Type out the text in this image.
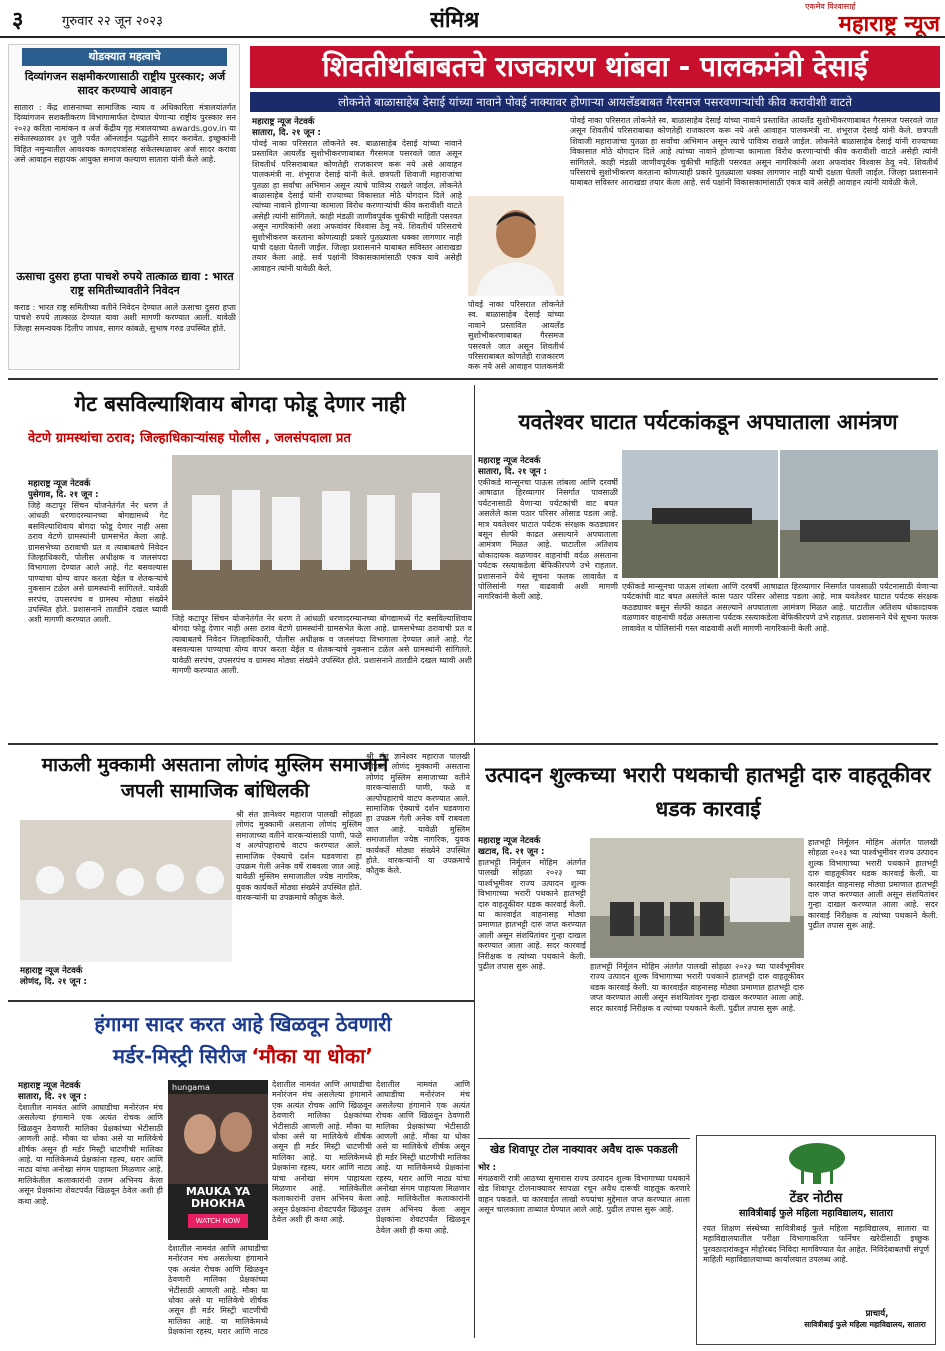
३	गुरुवार २२ जून २०२३	संमिश्र
एकमेव विश्वासार्ह
महाराष्ट्र न्यूज
थोडक्यात महत्वाचे
दिव्यांगजन सक्षमीकरणासाठी राष्ट्रीय पुरस्कार; अर्ज सादर करण्याचे आवाहन
सातारा : केंद्र शासनाच्या सामाजिक न्याय व अधिकारिता मंत्रालयांतर्गत दिव्यांगजन सशक्तीकरण विभागामार्फत देण्यात येणाऱ्या राष्ट्रीय पुरस्कार सन २०२३ करिता नामांकन व अर्ज केंद्रीय गृह मंत्रालयाच्या awards.gov.in या संकेतस्थळावर ३१ जुलै पर्यंत ऑनलाईन पद्धतीने सादर करावेत. इच्छुकांनी विहित नमुन्यातील आवश्यक कागदपत्रांसह संकेतस्थळावर अर्ज सादर करावा असे आवाहन सहायक आयुक्त समाज कल्याण सातारा यांनी केले आहे.
ऊसाचा दुसरा हप्ता पाचशे रुपये तात्काळ द्यावा : भारत राष्ट्र समितीच्यावतीने निवेदन
कराड : भारत राष्ट्र समितीच्या वतीने निवेदन देण्यात आले ऊसाचा दुसरा हप्ता पाचशे रुपये तात्काळ देण्यात यावा अशी मागणी करण्यात आली. यावेळी जिल्हा समन्वयक दिलीप जाधव, सागर कांबळे, सुभाष गरुड उपस्थित होते.
शिवतीर्थाबाबतचे राजकारण थांबवा - पालकमंत्री देसाई
लोकनेते बाळासाहेब देसाई यांच्या नावाने पोवई नाक्यावर होणाऱ्या आयलँडबाबत गैरसमज पसरवणाऱ्यांची कीव करावीशी वाटते
महाराष्ट्र न्यूज नेटवर्क
सातारा, दि. २१ जून :
पोवई नाका परिसरात लोकनेते स्व. बाळासाहेब देसाई यांच्या नावाने प्रस्तावित आयलँड सुशोभीकरणाबाबत गैरसमज पसरवले जात असून शिवतीर्थ परिसराबाबत कोणतेही राजकारण करू नये असे आवाहन पालकमंत्री ना. शंभूराज देसाई यांनी केले. छत्रपती शिवाजी महाराजांचा पुतळा हा सर्वांचा अभिमान असून त्याचे पावित्र्य राखले जाईल. लोकनेते बाळासाहेब देसाई यांनी राज्याच्या विकासात मोठे योगदान दिले आहे त्यांच्या नावाने होणाऱ्या कामाला विरोध करणाऱ्यांची कीव करावीशी वाटते असेही त्यांनी सांगितले. काही मंडळी जाणीवपूर्वक चुकीची माहिती पसरवत असून नागरिकांनी अशा अफवांवर विश्वास ठेवू नये. शिवतीर्थ परिसराचे सुशोभीकरण करताना कोणत्याही प्रकारे पुतळ्याला धक्का लागणार नाही याची दक्षता घेतली जाईल. जिल्हा प्रशासनाने याबाबत सविस्तर आराखडा तयार केला आहे. सर्व पक्षांनी विकासकामांसाठी एकत्र यावे असेही आवाहन त्यांनी यावेळी केले.
पोवई नाका परिसरात लोकनेते स्व. बाळासाहेब देसाई यांच्या नावाने प्रस्तावित आयलँड सुशोभीकरणाबाबत गैरसमज पसरवले जात असून शिवतीर्थ परिसराबाबत कोणतेही राजकारण करू नये असे आवाहन पालकमंत्री ना. शंभूराज देसाई यांनी केले. छत्रपती शिवाजी महाराजांचा पुतळा हा सर्वांचा अभिमान असून त्याचे पावित्र्य राखले जाईल. लोकनेते बाळासाहेब देसाई यांनी राज्याच्या विकासात मोठे योगदान दिले आहे त्यांच्या नावाने होणाऱ्या कामाला विरोध करणाऱ्यांची कीव करावीशी वाटते असेही त्यांनी सांगितले. काही मंडळी जाणीवपूर्वक चुकीची माहिती पसरवत असून नागरिकांनी अशा अफवांवर विश्वास ठेवू नये. शिवतीर्थ परिसराचे सुशोभीकरण करताना कोणत्याही प्रकारे पुतळ्याला धक्का लागणार नाही याची दक्षता घेतली जाईल. जिल्हा प्रशासनाने याबाबत सविस्तर आराखडा तयार केला आहे. सर्व पक्षांनी विकासकामांसाठी एकत्र यावे असेही आवाहन त्यांनी यावेळी केले.
पोवई नाका परिसरात लोकनेते स्व. बाळासाहेब देसाई यांच्या नावाने प्रस्तावित आयलँड सुशोभीकरणाबाबत गैरसमज पसरवले जात असून शिवतीर्थ परिसराबाबत कोणतेही राजकारण करू नये असे आवाहन पालकमंत्री
गेट बसविल्याशिवाय बोगदा फोडू देणार नाही
वेटणे ग्रामस्थांचा ठराव; जिल्हाधिकाऱ्यांसह पोलीस , जलसंपदाला प्रत
महाराष्ट्र न्यूज नेटवर्क
पुसेगाव, दि. २१ जून :
जिहे कटापूर सिंचन योजनेतंर्गत नेर धरण ते आंधळी धरणादरम्यानच्या बोगद्यामध्ये गेट बसविल्याशिवाय बोगदा फोडू देणार नाही असा ठराव वेटणे ग्रामस्थांनी ग्रामसभेत केला आहे. ग्रामसभेच्या ठरावाची प्रत व त्याबाबतचे निवेदन जिल्हाधिकारी, पोलीस अधीक्षक व जलसंपदा विभागाला देण्यात आले आहे. गेट बसवल्यास पाण्याचा योग्य वापर करता येईल व शेतकऱ्यांचे नुकसान टळेल असे ग्रामस्थांनी सांगितले. यावेळी सरपंच, उपसरपंच व ग्रामस्थ मोठ्या संख्येने उपस्थित होते. प्रशासनाने तातडीने दखल घ्यावी अशी मागणी करण्यात आली.	जिहे कटापूर सिंचन योजनेतंर्गत नेर धरण ते आंधळी धरणादरम्यानच्या बोगद्यामध्ये गेट बसविल्याशिवाय बोगदा फोडू देणार नाही असा ठराव वेटणे ग्रामस्थांनी ग्रामसभेत केला आहे. ग्रामसभेच्या ठरावाची प्रत व त्याबाबतचे निवेदन जिल्हाधिकारी, पोलीस अधीक्षक व जलसंपदा विभागाला देण्यात आले आहे. गेट बसवल्यास पाण्याचा योग्य वापर करता येईल व शेतकऱ्यांचे नुकसान टळेल असे ग्रामस्थांनी सांगितले. यावेळी सरपंच, उपसरपंच व ग्रामस्थ मोठ्या संख्येने उपस्थित होते. प्रशासनाने तातडीने दखल घ्यावी अशी मागणी करण्यात आली.
यवतेश्वर घाटात पर्यटकांकडून अपघाताला आमंत्रण
महाराष्ट्र न्यूज नेटवर्क
सातारा, दि. २१ जून :
एकीकडे मान्सूनचा पाऊस लांबला आणि दरवर्षी आषाढात हिरव्यागार निसर्गात पावसाळी पर्यटनासाठी येणाऱ्या पर्यटकांची वाट बघत असलेले कास पठार परिसर ओसाड पडला आहे. मात्र यवतेश्वर घाटात पर्यटक संरक्षक कठड्यावर बसून सेल्फी काढत असल्याने अपघाताला आमंत्रण मिळत आहे. घाटातील अतिशय धोकादायक वळणावर वाहनांची वर्दळ असताना पर्यटक रस्त्याकडेला बेफिकीरपणे उभे राहतात. प्रशासनाने येथे सूचना फलक लावावेत व पोलिसांनी गस्त वाढवावी अशी मागणी नागरिकांनी केली आहे.
एकीकडे मान्सूनचा पाऊस लांबला आणि दरवर्षी आषाढात हिरव्यागार निसर्गात पावसाळी पर्यटनासाठी येणाऱ्या पर्यटकांची वाट बघत असलेले कास पठार परिसर ओसाड पडला आहे. मात्र यवतेश्वर घाटात पर्यटक संरक्षक कठड्यावर बसून सेल्फी काढत असल्याने अपघाताला आमंत्रण मिळत आहे. घाटातील अतिशय धोकादायक वळणावर वाहनांची वर्दळ असताना पर्यटक रस्त्याकडेला बेफिकीरपणे उभे राहतात. प्रशासनाने येथे सूचना फलक लावावेत व पोलिसांनी गस्त वाढवावी अशी मागणी नागरिकांनी केली आहे.
माऊली मुक्कामी असताना लोणंद मुस्लिम समाजाने जपली सामाजिक बांधिलकी
महाराष्ट्र न्यूज नेटवर्क
लोणंद, दि. २१ जून :
श्री संत ज्ञानेश्वर महाराज पालखी सोहळा लोणंद मुक्कामी असताना लोणंद मुस्लिम समाजाच्या वतीने वारकऱ्यांसाठी पाणी, फळे व अल्पोपहाराचे वाटप करण्यात आले. सामाजिक ऐक्याचे दर्शन घडवणारा हा उपक्रम गेली अनेक वर्षे राबवला जात आहे. यावेळी मुस्लिम समाजातील ज्येष्ठ नागरिक, युवक कार्यकर्ते मोठ्या संख्येने उपस्थित होते. वारकऱ्यांनी या उपक्रमाचे कौतुक केले.
श्री संत ज्ञानेश्वर महाराज पालखी सोहळा लोणंद मुक्कामी असताना लोणंद मुस्लिम समाजाच्या वतीने वारकऱ्यांसाठी पाणी, फळे व अल्पोपहाराचे वाटप करण्यात आले. सामाजिक ऐक्याचे दर्शन घडवणारा हा उपक्रम गेली अनेक वर्षे राबवला जात आहे. यावेळी मुस्लिम समाजातील ज्येष्ठ नागरिक, युवक कार्यकर्ते मोठ्या संख्येने उपस्थित होते. वारकऱ्यांनी या उपक्रमाचे कौतुक केले.
उत्पादन शुल्कच्या भरारी पथकाची हातभट्टी दारु वाहतूकीवर धडक कारवाई
महाराष्ट्र न्यूज नेटवर्क
खटाव, दि. २१ जून :
हातभट्टी निर्मूलन मोहिम अंतर्गत पालखी सोहळा २०२३ च्या पार्श्वभूमीवर राज्य उत्पादन शुल्क विभागाच्या भरारी पथकाने हातभट्टी दारु वाहतूकीवर धडक कारवाई केली. या कारवाईत वाहनासह मोठ्या प्रमाणात हातभट्टी दारु जप्त करण्यात आली असून संशयितांवर गुन्हा दाखल करण्यात आला आहे. सदर कारवाई निरीक्षक व त्यांच्या पथकाने केली. पुढील तपास सुरू आहे.	हातभट्टी निर्मूलन मोहिम अंतर्गत पालखी सोहळा २०२३ च्या पार्श्वभूमीवर राज्य उत्पादन शुल्क विभागाच्या भरारी पथकाने हातभट्टी दारु वाहतूकीवर धडक कारवाई केली. या कारवाईत वाहनासह मोठ्या प्रमाणात हातभट्टी दारु जप्त करण्यात आली असून संशयितांवर गुन्हा दाखल करण्यात आला आहे. सदर कारवाई निरीक्षक व त्यांच्या पथकाने केली. पुढील तपास सुरू आहे.
हातभट्टी निर्मूलन मोहिम अंतर्गत पालखी सोहळा २०२३ च्या पार्श्वभूमीवर राज्य उत्पादन शुल्क विभागाच्या भरारी पथकाने हातभट्टी दारु वाहतूकीवर धडक कारवाई केली. या कारवाईत वाहनासह मोठ्या प्रमाणात हातभट्टी दारु जप्त करण्यात आली असून संशयितांवर गुन्हा दाखल करण्यात आला आहे. सदर कारवाई निरीक्षक व त्यांच्या पथकाने केली. पुढील तपास सुरू आहे.
हंगामा सादर करत आहे खिळवून ठेवणारी
मर्डर-मिस्ट्री सिरीज ‘मौका या धोका’
महाराष्ट्र न्यूज नेटवर्क
सातारा, दि. २१ जून :
देशातील नामवंत आणि आघाडीचा मनोरंजन मंच असलेल्या हंगामाने एक अत्यंत रोचक आणि खिळवून ठेवणारी मालिका प्रेक्षकांच्या भेटीसाठी आणली आहे. मौका या धोका असे या मालिकेचे शीर्षक असून ही मर्डर मिस्ट्री धाटणीची मालिका आहे. या मालिकेमध्ये प्रेक्षकांना रहस्य, थरार आणि नाट्य यांचा अनोखा संगम पाहायला मिळणार आहे. मालिकेतील कलाकारांनी उत्तम अभिनय केला असून प्रेक्षकांना शेवटपर्यंत खिळवून ठेवेल अशी ही कथा आहे.
hungama
MAUKA YA DHOKHA
WATCH NOW
देशातील नामवंत आणि आघाडीचा मनोरंजन मंच असलेल्या हंगामाने एक अत्यंत रोचक आणि खिळवून ठेवणारी मालिका प्रेक्षकांच्या भेटीसाठी आणली आहे. मौका या धोका असे या मालिकेचे शीर्षक असून ही मर्डर मिस्ट्री धाटणीची मालिका आहे. या मालिकेमध्ये प्रेक्षकांना रहस्य, थरार आणि नाट्य
देशातील नामवंत आणि आघाडीचा मनोरंजन मंच असलेल्या हंगामाने एक अत्यंत रोचक आणि खिळवून ठेवणारी मालिका प्रेक्षकांच्या भेटीसाठी आणली आहे. मौका या धोका असे या मालिकेचे शीर्षक असून ही मर्डर मिस्ट्री धाटणीची मालिका आहे. या मालिकेमध्ये प्रेक्षकांना रहस्य, थरार आणि नाट्य यांचा अनोखा संगम पाहायला मिळणार आहे. मालिकेतील कलाकारांनी उत्तम अभिनय केला असून प्रेक्षकांना शेवटपर्यंत खिळवून ठेवेल अशी ही कथा आहे.
देशातील नामवंत आणि आघाडीचा मनोरंजन मंच असलेल्या हंगामाने एक अत्यंत रोचक आणि खिळवून ठेवणारी मालिका प्रेक्षकांच्या भेटीसाठी आणली आहे. मौका या धोका असे या मालिकेचे शीर्षक असून ही मर्डर मिस्ट्री धाटणीची मालिका आहे. या मालिकेमध्ये प्रेक्षकांना रहस्य, थरार आणि नाट्य यांचा अनोखा संगम पाहायला मिळणार आहे. मालिकेतील कलाकारांनी उत्तम अभिनय केला असून प्रेक्षकांना शेवटपर्यंत खिळवून ठेवेल अशी ही कथा आहे.
खेड शिवापूर टोल नाक्यावर अवैध दारू पकडली
भोर :
मंगळवारी रात्री आठच्या सुमारास राज्य उत्पादन शुल्क विभागाच्या पथकाने खेड शिवापूर टोलनाक्यावर सापळा रचून अवैध दारूची वाहतूक करणारे वाहन पकडले. या कारवाईत लाखो रुपयांचा मुद्देमाल जप्त करण्यात आला असून चालकाला ताब्यात घेण्यात आले आहे. पुढील तपास सुरू आहे.
टेंडर नोटीस
सावित्रीबाई फुले महिला महाविद्यालय, सातारा
रयत शिक्षण संस्थेच्या सावित्रीबाई फुले महिला महाविद्यालय, सातारा या महाविद्यालयातील परीक्षा विभागाकरिता फर्निचर खरेदीसाठी इच्छुक पुरवठादारांकडून मोहोरबंद निविदा मागविण्यात येत आहेत. निविदेबाबतची संपूर्ण माहिती महाविद्यालयाच्या कार्यालयात उपलब्ध आहे.
प्राचार्य,
सावित्रीबाई फुले महिला महाविद्यालय, सातारा
